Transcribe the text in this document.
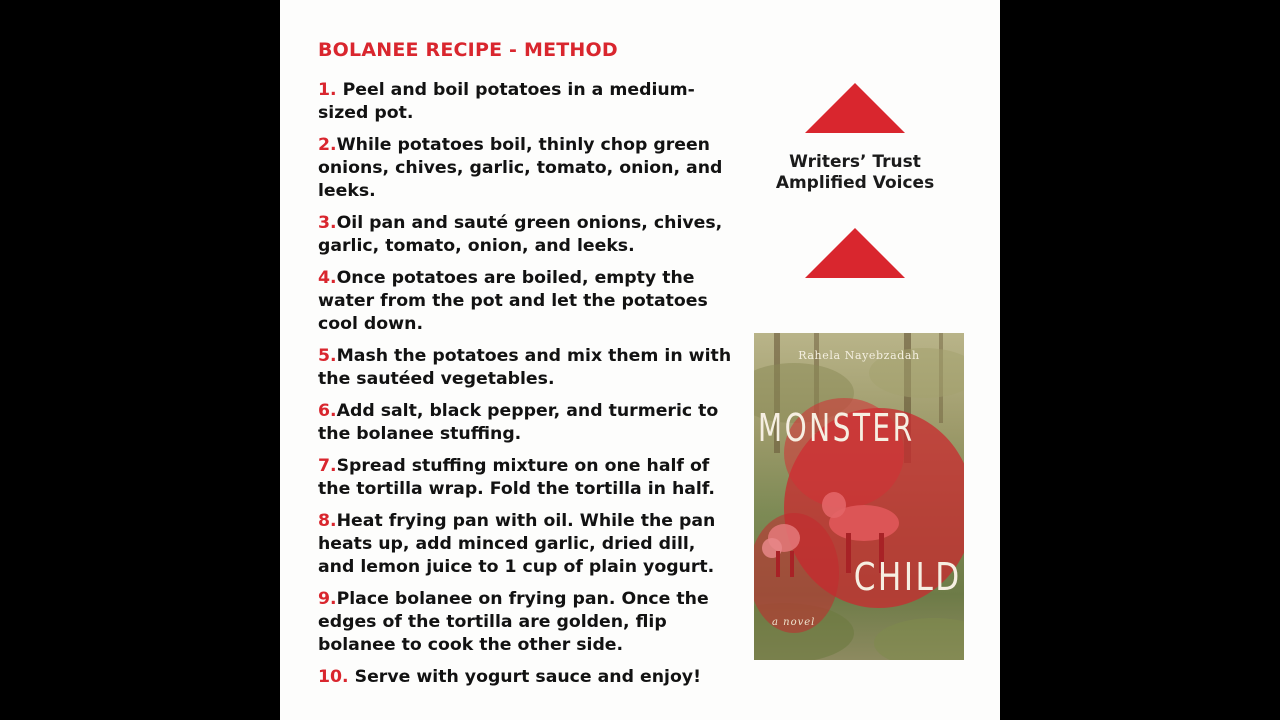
BOLANEE RECIPE - METHOD
1. Peel and boil potatoes in a medium-sized pot.
2.While potatoes boil, thinly chop green onions, chives, garlic, tomato, onion, and leeks.
3.Oil pan and sauté green onions, chives, garlic, tomato, onion, and leeks.
4.Once potatoes are boiled, empty the water from the pot and let the potatoes cool down.
5.Mash the potatoes and mix them in with the sautéed vegetables.
6.Add salt, black pepper, and turmeric to the bolanee stuffing.
7.Spread stuffing mixture on one half of the tortilla wrap. Fold the tortilla in half.
8.Heat frying pan with oil. While the pan heats up, add minced garlic, dried dill, and lemon juice to 1 cup of plain yogurt.
9.Place bolanee on frying pan. Once the edges of the tortilla are golden, flip bolanee to cook the other side.
10. Serve with yogurt sauce and enjoy!
Writers’ Trust Amplified Voices
Rahela Nayebzadah
MONSTER
CHILD
a novel
